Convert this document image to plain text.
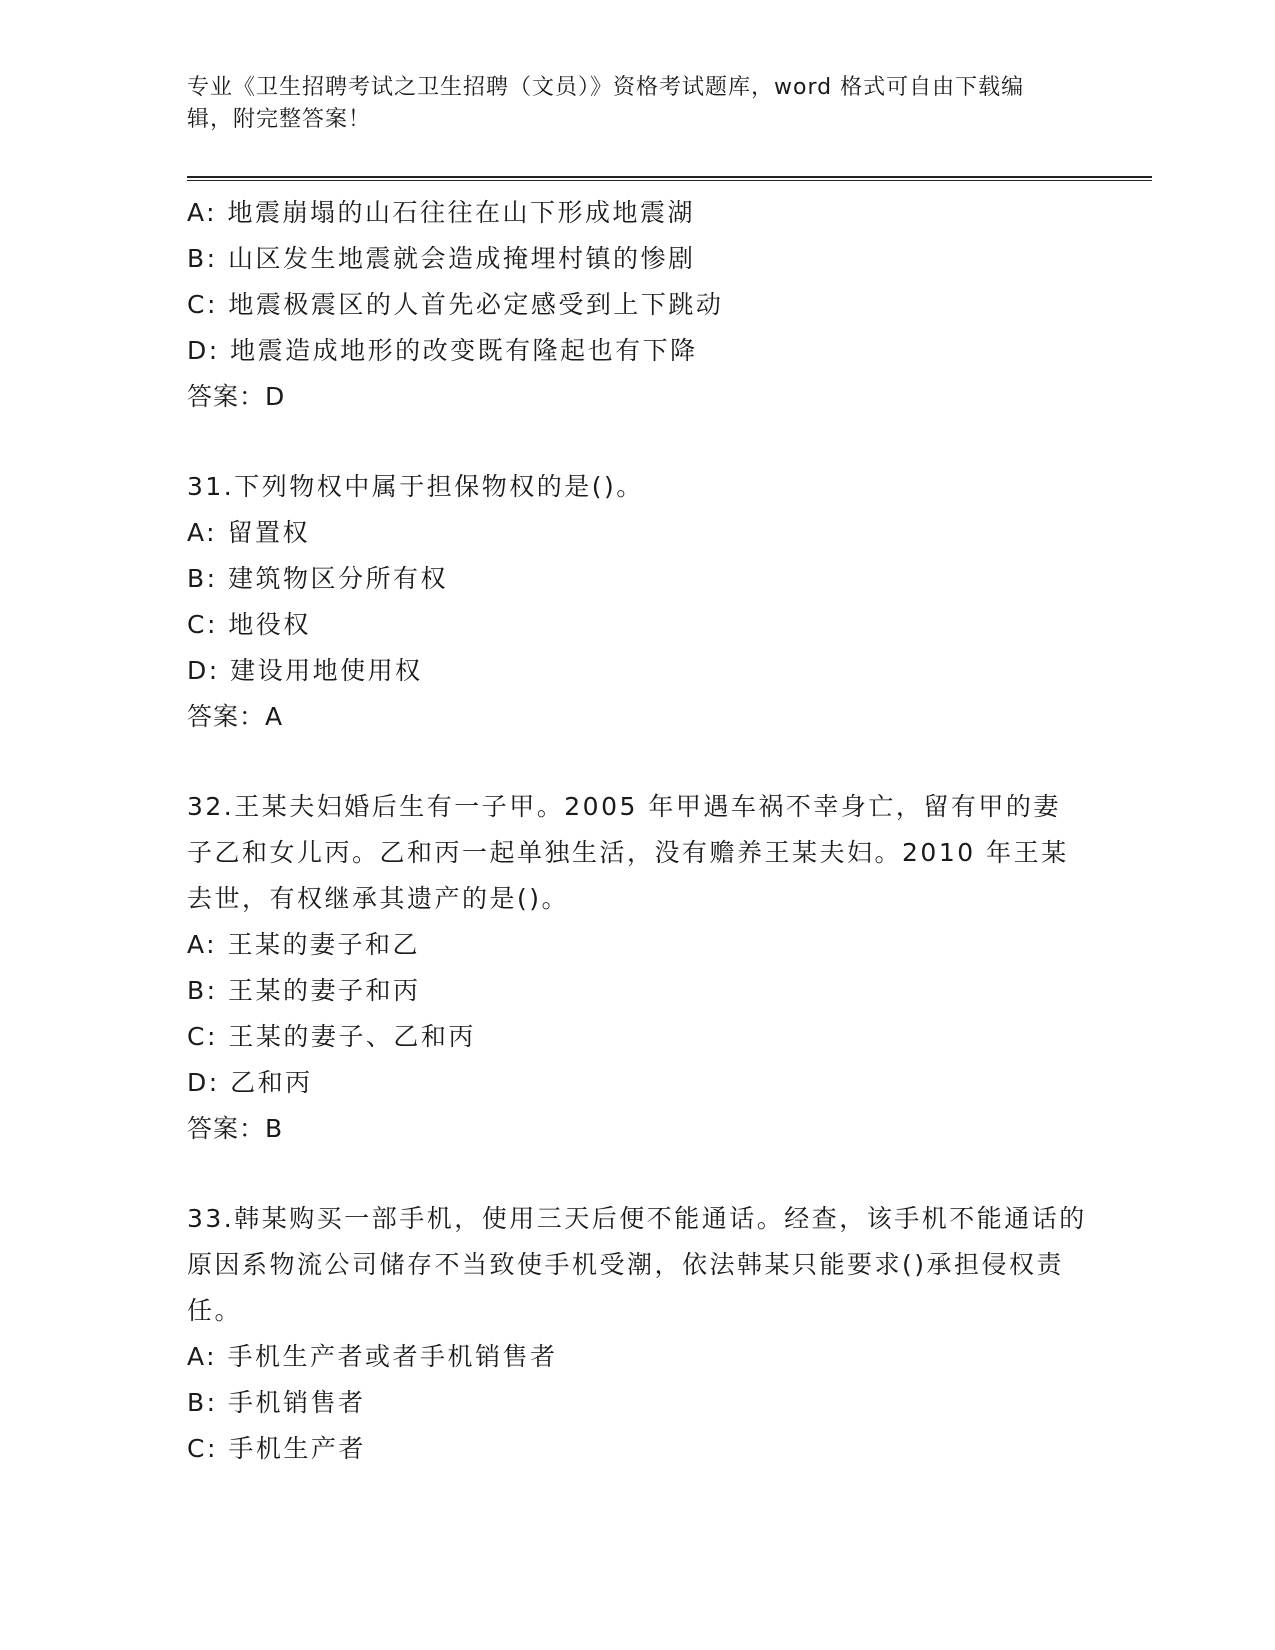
专业《卫生招聘考试之卫生招聘（文员）》资格考试题库，word 格式可自由下载编辑，附完整答案！
A: 地震崩塌的山石往往在山下形成地震湖
B: 山区发生地震就会造成掩埋村镇的惨剧
C: 地震极震区的人首先必定感受到上下跳动
D: 地震造成地形的改变既有隆起也有下降
答案：D
31.下列物权中属于担保物权的是()。
A: 留置权
B: 建筑物区分所有权
C: 地役权
D: 建设用地使用权
答案：A
32.王某夫妇婚后生有一子甲。2005 年甲遇车祸不幸身亡，留有甲的妻子乙和女儿丙。乙和丙一起单独生活，没有赡养王某夫妇。2010 年王某去世，有权继承其遗产的是()。
A: 王某的妻子和乙
B: 王某的妻子和丙
C: 王某的妻子、乙和丙
D: 乙和丙
答案：B
33.韩某购买一部手机，使用三天后便不能通话。经查，该手机不能通话的原因系物流公司储存不当致使手机受潮，依法韩某只能要求()承担侵权责任。
A: 手机生产者或者手机销售者
B: 手机销售者
C: 手机生产者
